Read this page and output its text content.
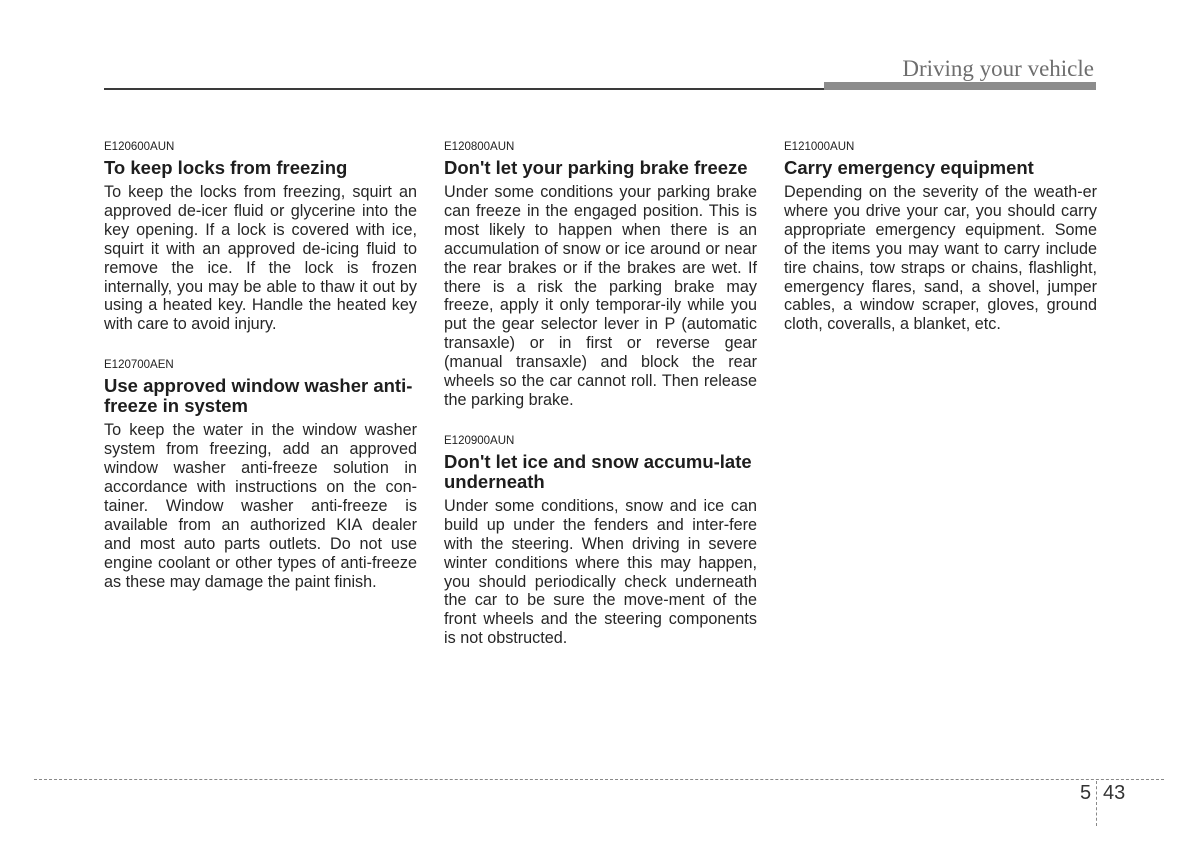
Driving your vehicle
E120600AUN
To keep locks from freezing
To keep the locks from freezing, squirt an approved de-icer fluid or glycerine into the key opening. If a lock is covered with ice, squirt it with an approved de-icing fluid to remove the ice. If the lock is frozen internally, you may be able to thaw it out by using a heated key. Handle the heated key with care to avoid injury.
E120700AEN
Use approved window washer anti-freeze in system
To keep the water in the window washer system from freezing, add an approved window washer anti-freeze solution in accordance with instructions on the con-tainer. Window washer anti-freeze is available from an authorized KIA dealer and most auto parts outlets. Do not use engine coolant or other types of anti-freeze as these may damage the paint finish.
E120800AUN
Don't let your parking brake freeze
Under some conditions your parking brake can freeze in the engaged position. This is most likely to happen when there is an accumulation of snow or ice around or near the rear brakes or if the brakes are wet. If there is a risk the parking brake may freeze, apply it only temporar-ily while you put the gear selector lever in P (automatic transaxle) or in first or reverse gear (manual transaxle) and block the rear wheels so the car cannot roll. Then release the parking brake.
E120900AUN
Don't let ice and snow accumu-late underneath
Under some conditions, snow and ice can build up under the fenders and inter-fere with the steering. When driving in severe winter conditions where this may happen, you should periodically check underneath the car to be sure the move-ment of the front wheels and the steering components is not obstructed.
E121000AUN
Carry emergency equipment
Depending on the severity of the weath-er where you drive your car, you should carry appropriate emergency equipment. Some of the items you may want to carry include tire chains, tow straps or chains, flashlight, emergency flares, sand, a shovel, jumper cables, a window scraper, gloves, ground cloth, coveralls, a blanket, etc.
5 43
